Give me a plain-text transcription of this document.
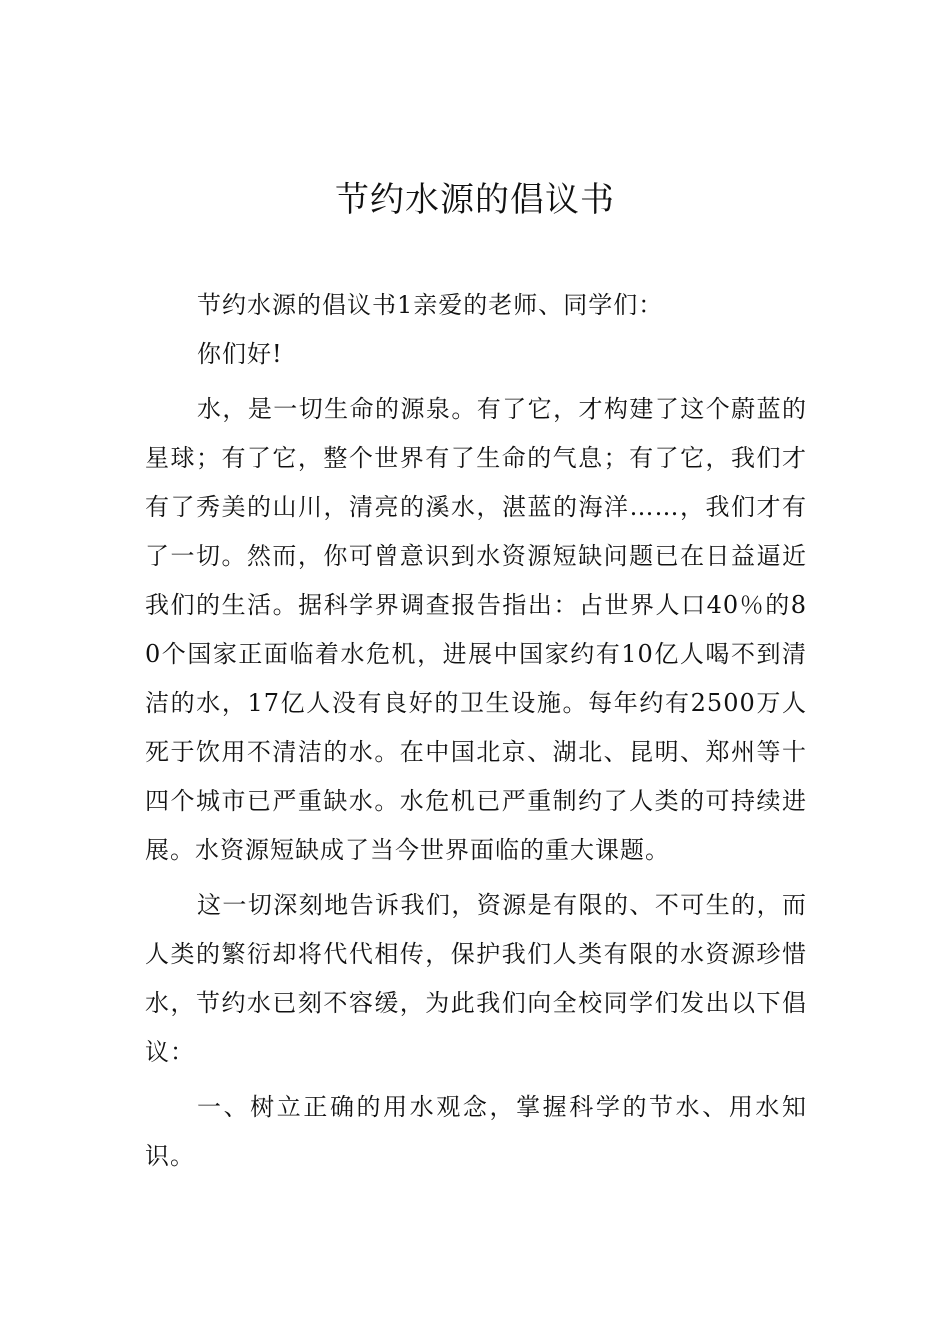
节约水源的倡议书

节约水源的倡议书1亲爱的老师、同学们：

你们好!

水，是一切生命的源泉。有了它，才构建了这个蔚蓝的星球；有了它，整个世界有了生命的气息；有了它，我们才有了秀美的山川，清亮的溪水，湛蓝的海洋……，我们才有了一切。然而，你可曾意识到水资源短缺问题已在日益逼近我们的生活。据科学界调查报告指出：占世界人口40％的80个国家正面临着水危机，进展中国家约有10亿人喝不到清洁的水，17亿人没有良好的卫生设施。每年约有2500万人死于饮用不清洁的水。在中国北京、湖北、昆明、郑州等十四个城市已严重缺水。水危机已严重制约了人类的可持续进展。水资源短缺成了当今世界面临的重大课题。

这一切深刻地告诉我们，资源是有限的、不可生的，而人类的繁衍却将代代相传，保护我们人类有限的水资源珍惜水，节约水已刻不容缓，为此我们向全校同学们发出以下倡议：

一、树立正确的用水观念，掌握科学的节水、用水知识。
